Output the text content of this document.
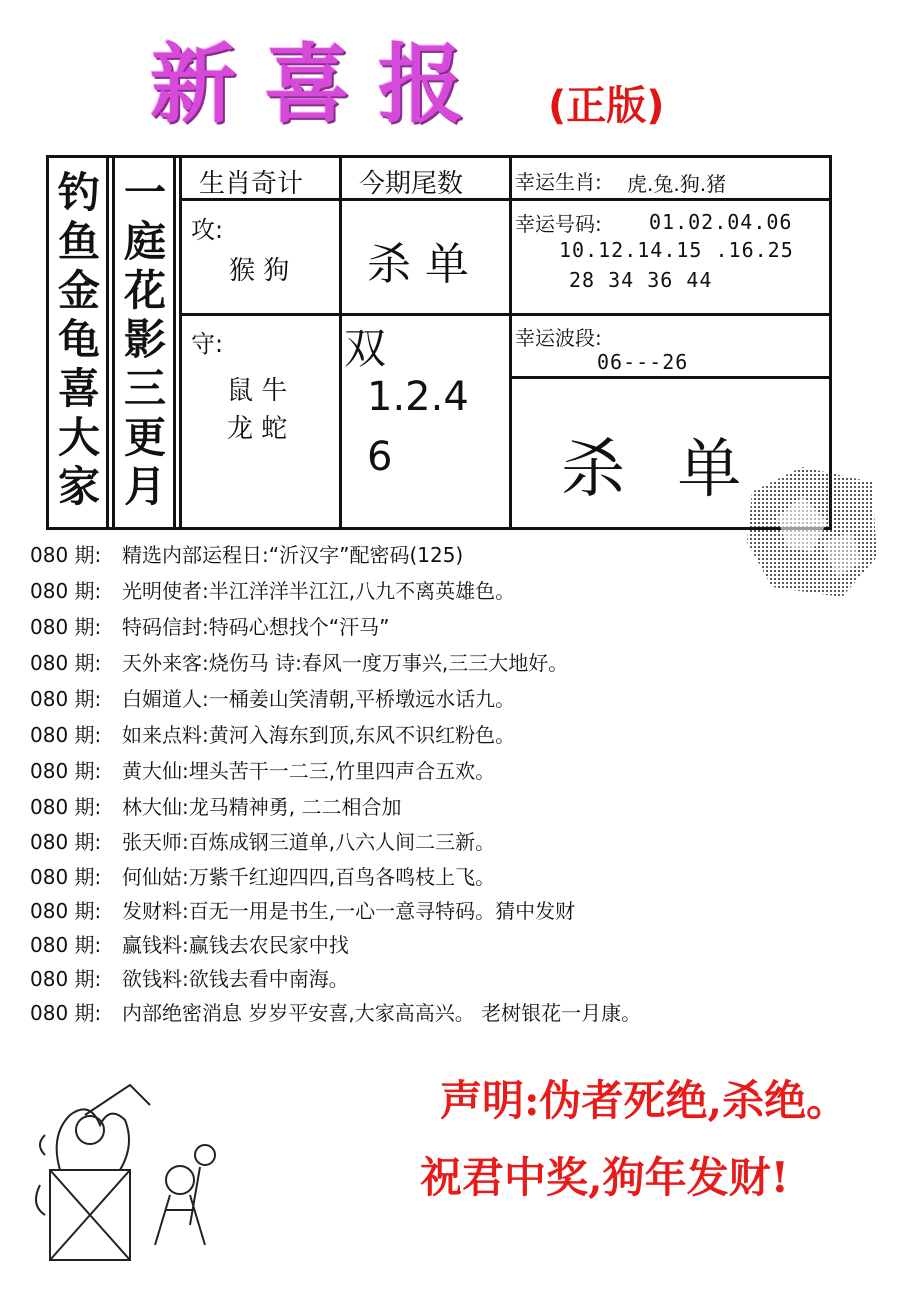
新喜报	(正版)
钓
鱼
金
龟
喜
大
家
一
庭
花
影
三
更
月
生肖奇计 今期尾数	幸运生肖: 虎.兔.狗.猪
攻:
猴 狗
守:
鼠 牛
龙 蛇
杀 单
双
1.2.4
6
幸运号码: 01.02.04.06
10.12.14.15 .16.25
28 34 36 44
幸运波段:
06---26
杀 单
080 期: 精选内部运程日:“沂汉字”配密码(125)
080 期: 光明使者:半江洋洋半江江,八九不离英雄色。
080 期: 特码信封:特码心想找个“汗马”
080 期: 天外来客:烧伤马 诗:春风一度万事兴,三三大地好。
080 期: 白媚道人:一桶姜山笑清朝,平桥墩远水话九。
080 期: 如来点料:黄河入海东到顶,东风不识红粉色。
080 期: 黄大仙:埋头苦干一二三,竹里四声合五欢。
080 期: 林大仙:龙马精神勇, 二二相合加
080 期: 张天师:百炼成钢三道单,八六人间二三新。
080 期: 何仙姑:万紫千红迎四四,百鸟各鸣枝上飞。
080 期: 发财料:百无一用是书生,一心一意寻特码。猜中发财
080 期: 赢钱料:赢钱去农民家中找
080 期: 欲钱料:欲钱去看中南海。
080 期: 内部绝密消息 岁岁平安喜,大家高高兴。 老树银花一月康。
声明:伪者死绝,杀绝。
祝君中奖,狗年发财!
